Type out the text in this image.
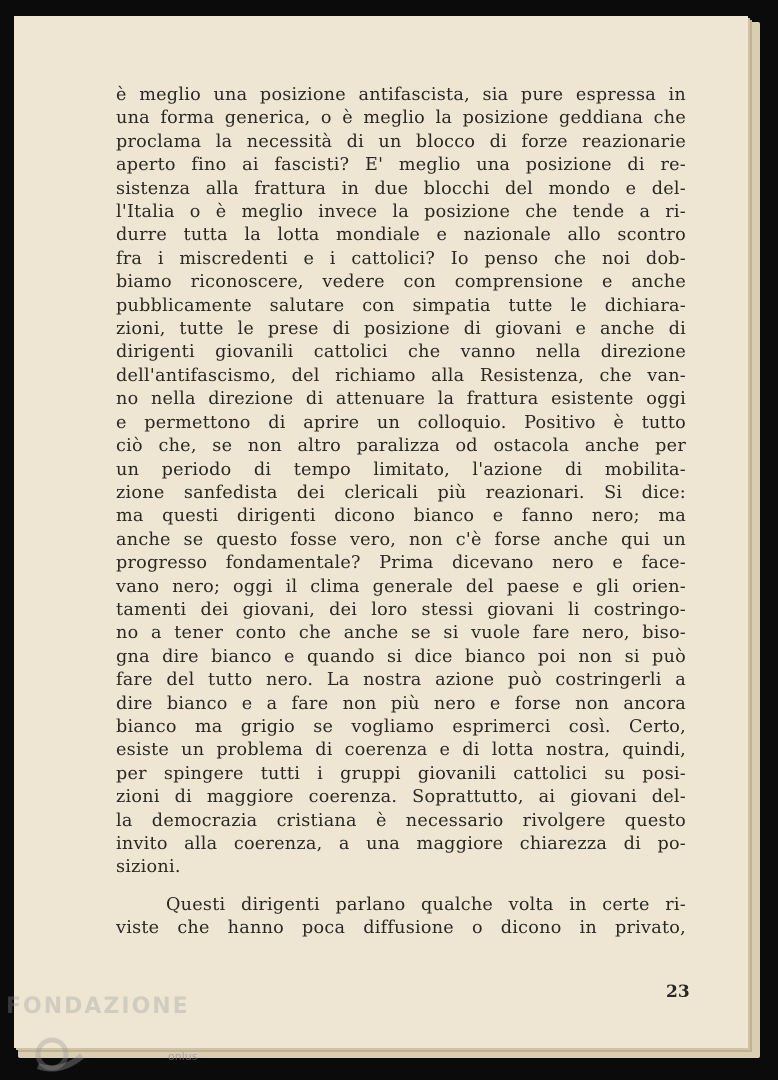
è meglio una posizione antifascista, sia pure espressa in
una forma generica, o è meglio la posizione geddiana che
proclama la necessità di un blocco di forze reazionarie
aperto fino ai fascisti? E' meglio una posizione di re-
sistenza alla frattura in due blocchi del mondo e del-
l'Italia o è meglio invece la posizione che tende a ri-
durre tutta la lotta mondiale e nazionale allo scontro
fra i miscredenti e i cattolici? Io penso che noi dob-
biamo riconoscere, vedere con comprensione e anche
pubblicamente salutare con simpatia tutte le dichiara-
zioni, tutte le prese di posizione di giovani e anche di
dirigenti giovanili cattolici che vanno nella direzione
dell'antifascismo, del richiamo alla Resistenza, che van-
no nella direzione di attenuare la frattura esistente oggi
e permettono di aprire un colloquio. Positivo è tutto
ciò che, se non altro paralizza od ostacola anche per
un periodo di tempo limitato, l'azione di mobilita-
zione sanfedista dei clericali più reazionari. Si dice:
ma questi dirigenti dicono bianco e fanno nero; ma
anche se questo fosse vero, non c'è forse anche qui un
progresso fondamentale? Prima dicevano nero e face-
vano nero; oggi il clima generale del paese e gli orien-
tamenti dei giovani, dei loro stessi giovani li costringo-
no a tener conto che anche se si vuole fare nero, biso-
gna dire bianco e quando si dice bianco poi non si può
fare del tutto nero. La nostra azione può costringerli a
dire bianco e a fare non più nero e forse non ancora
bianco ma grigio se vogliamo esprimerci così. Certo,
esiste un problema di coerenza e di lotta nostra, quindi,
per spingere tutti i gruppi giovanili cattolici su posi-
zioni di maggiore coerenza. Soprattutto, ai giovani del-
la democrazia cristiana è necessario rivolgere questo
invito alla coerenza, a una maggiore chiarezza di po-
sizioni.

Questi dirigenti parlano qualche volta in certe ri-
viste che hanno poca diffusione o dicono in privato,

23
FONDAZIONE
onlus
